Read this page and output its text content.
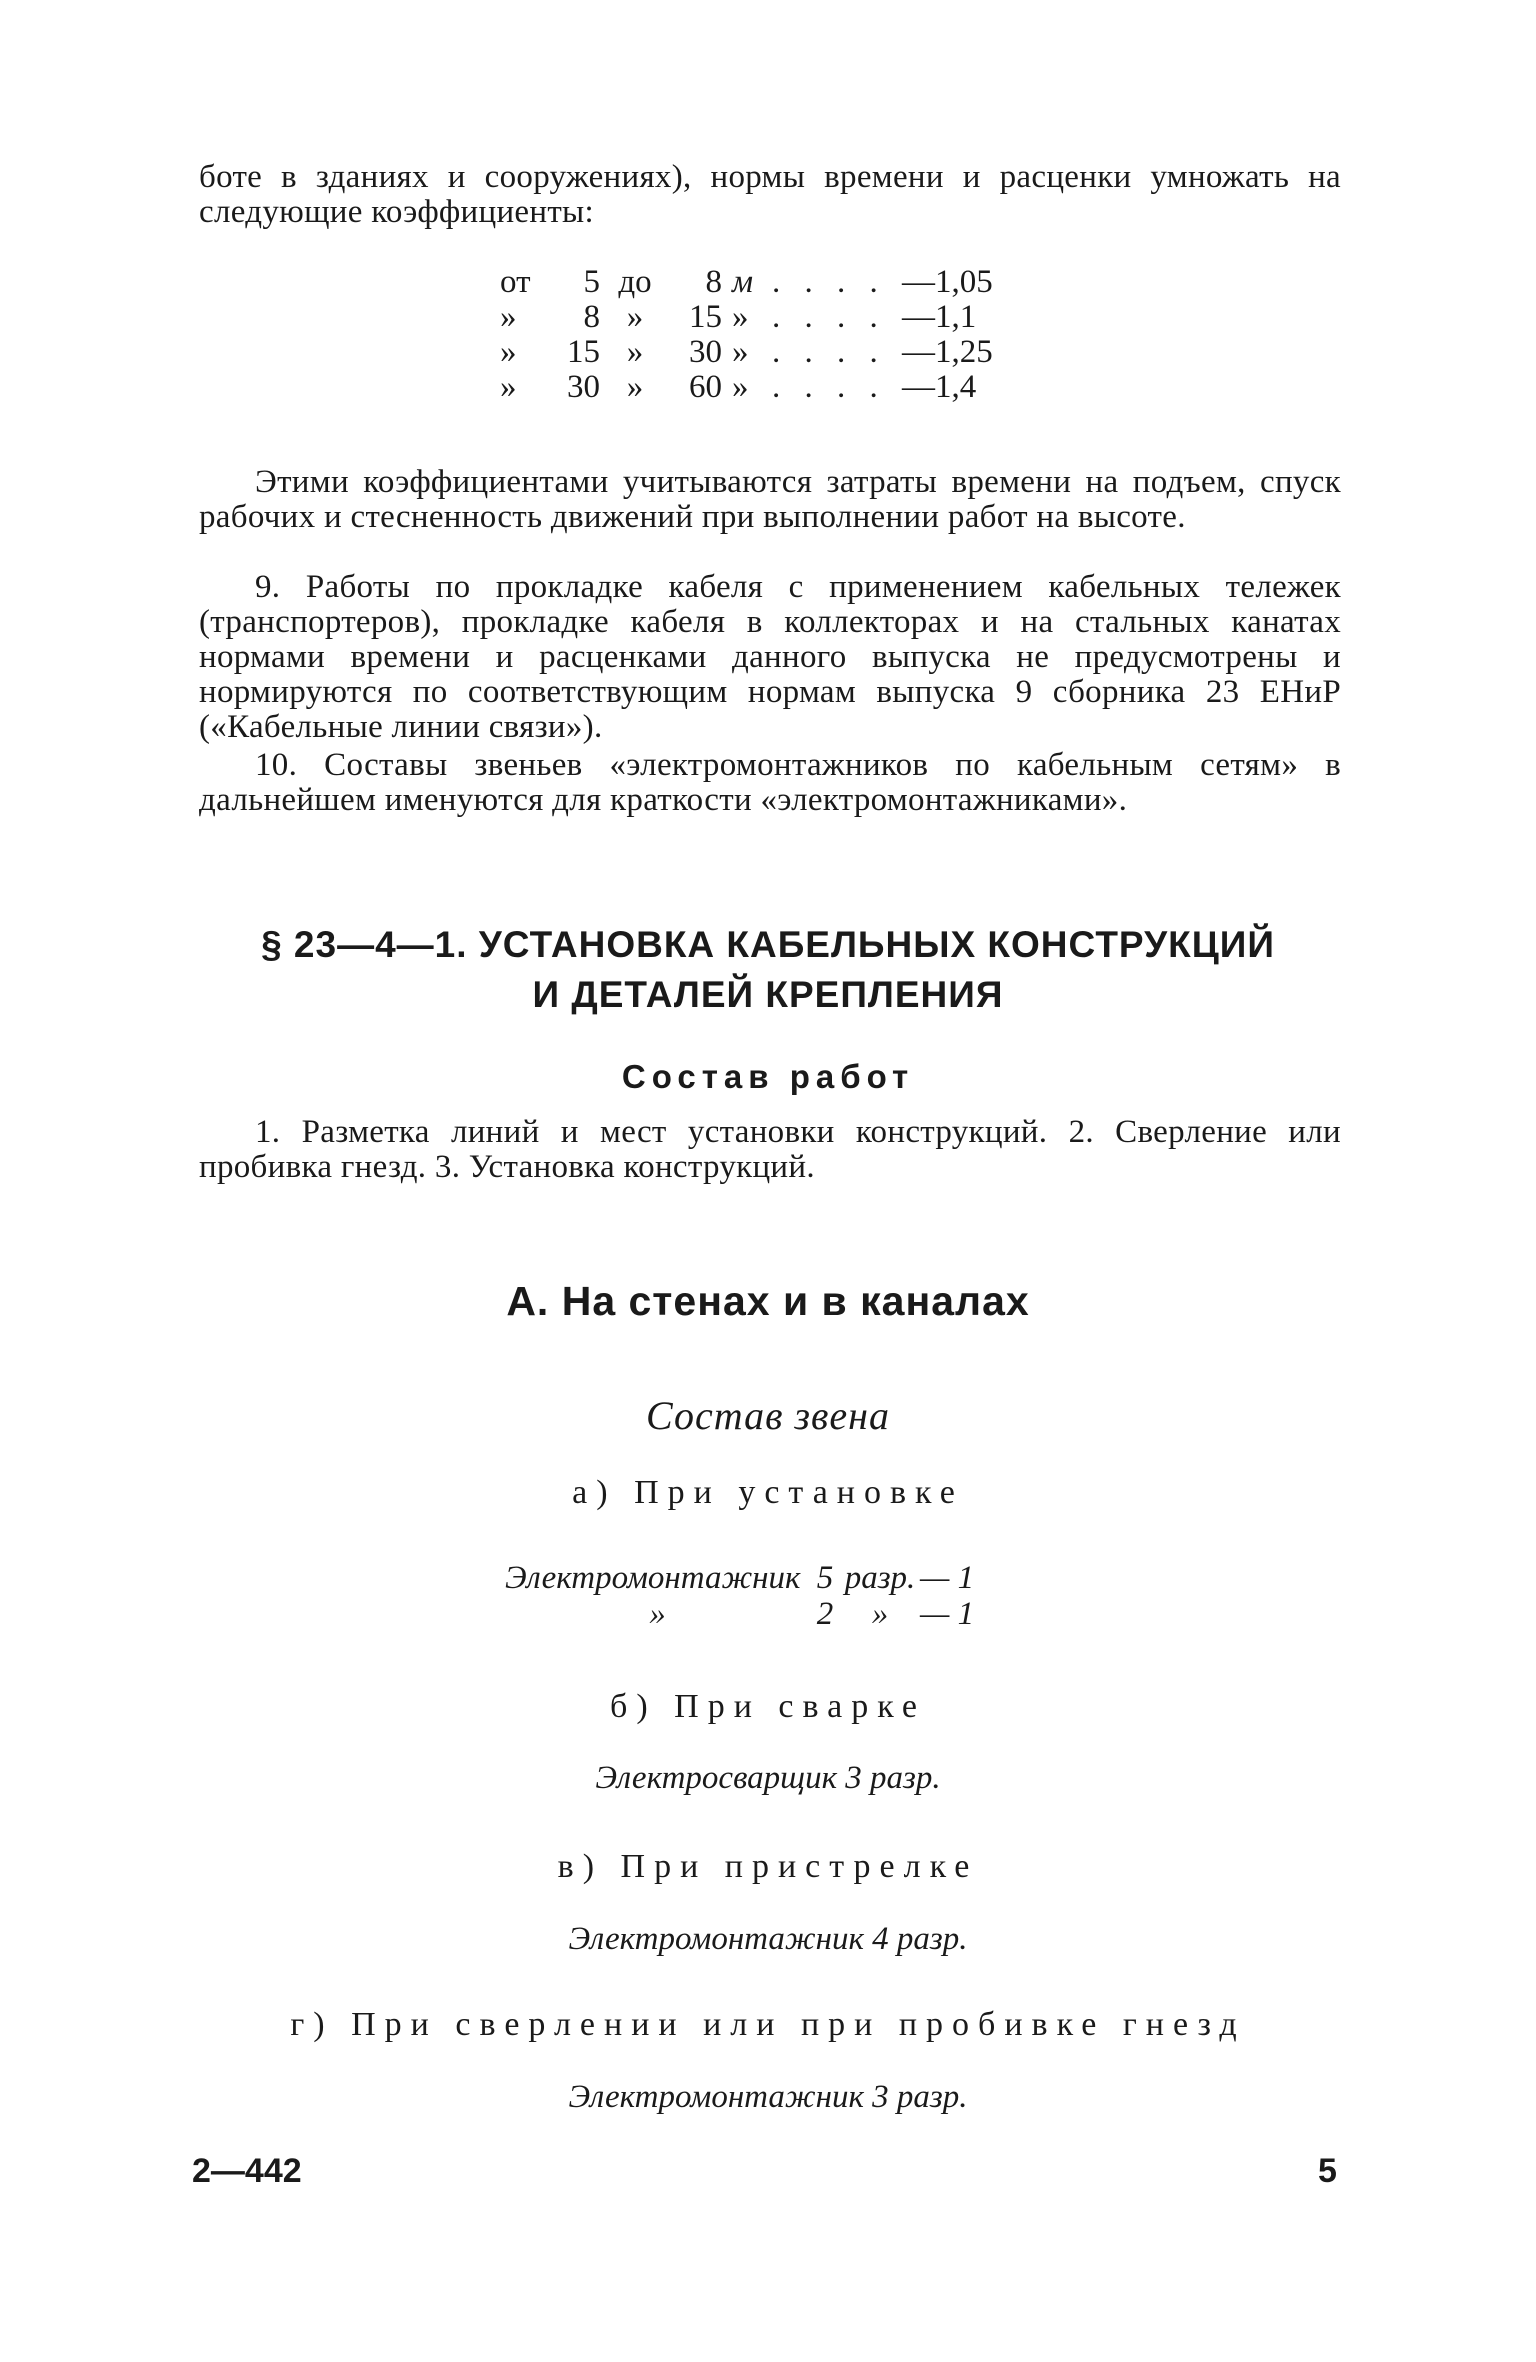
боте в зданиях и сооружениях), нормы времени и расценки умножать на следующие коэффициенты:
от	5 до	8 м . . . . —1,05
»	8 »	15 » . . . . —1,1
»	15 »	30 » . . . . —1,25
»	30 »	60 » . . . . —1,4
Этими коэффициентами учитываются затраты времени на подъем, спуск рабочих и стесненность движений при выполнении работ на высоте.
9. Работы по прокладке кабеля с применением кабельных тележек (транспортеров), прокладке кабеля в коллекторах и на стальных канатах нормами времени и расценками данного выпуска не предусмотрены и нормируются по соответствующим нормам выпуска 9 сборника 23 ЕНиР («Кабельные линии связи»).
10. Составы звеньев «электромонтажников по кабельным сетям» в дальнейшем именуются для краткости «электромонтажниками».
§ 23—4—1. УСТАНОВКА КАБЕЛЬНЫХ КОНСТРУКЦИЙ
И ДЕТАЛЕЙ КРЕПЛЕНИЯ
Состав работ
1. Разметка линий и мест установки конструкций. 2. Сверление или пробивка гнезд. 3. Установка конструкций.
А. На стенах и в каналах
Состав звена
а) При установке
Электромонтажник 5 разр. — 1
»	2	» — 1
б) При сварке
Электросварщик 3 разр.
в) При пристрелке
Электромонтажник 4 разр.
г) При сверлении или при пробивке гнезд
Электромонтажник 3 разр.
2—442	5
